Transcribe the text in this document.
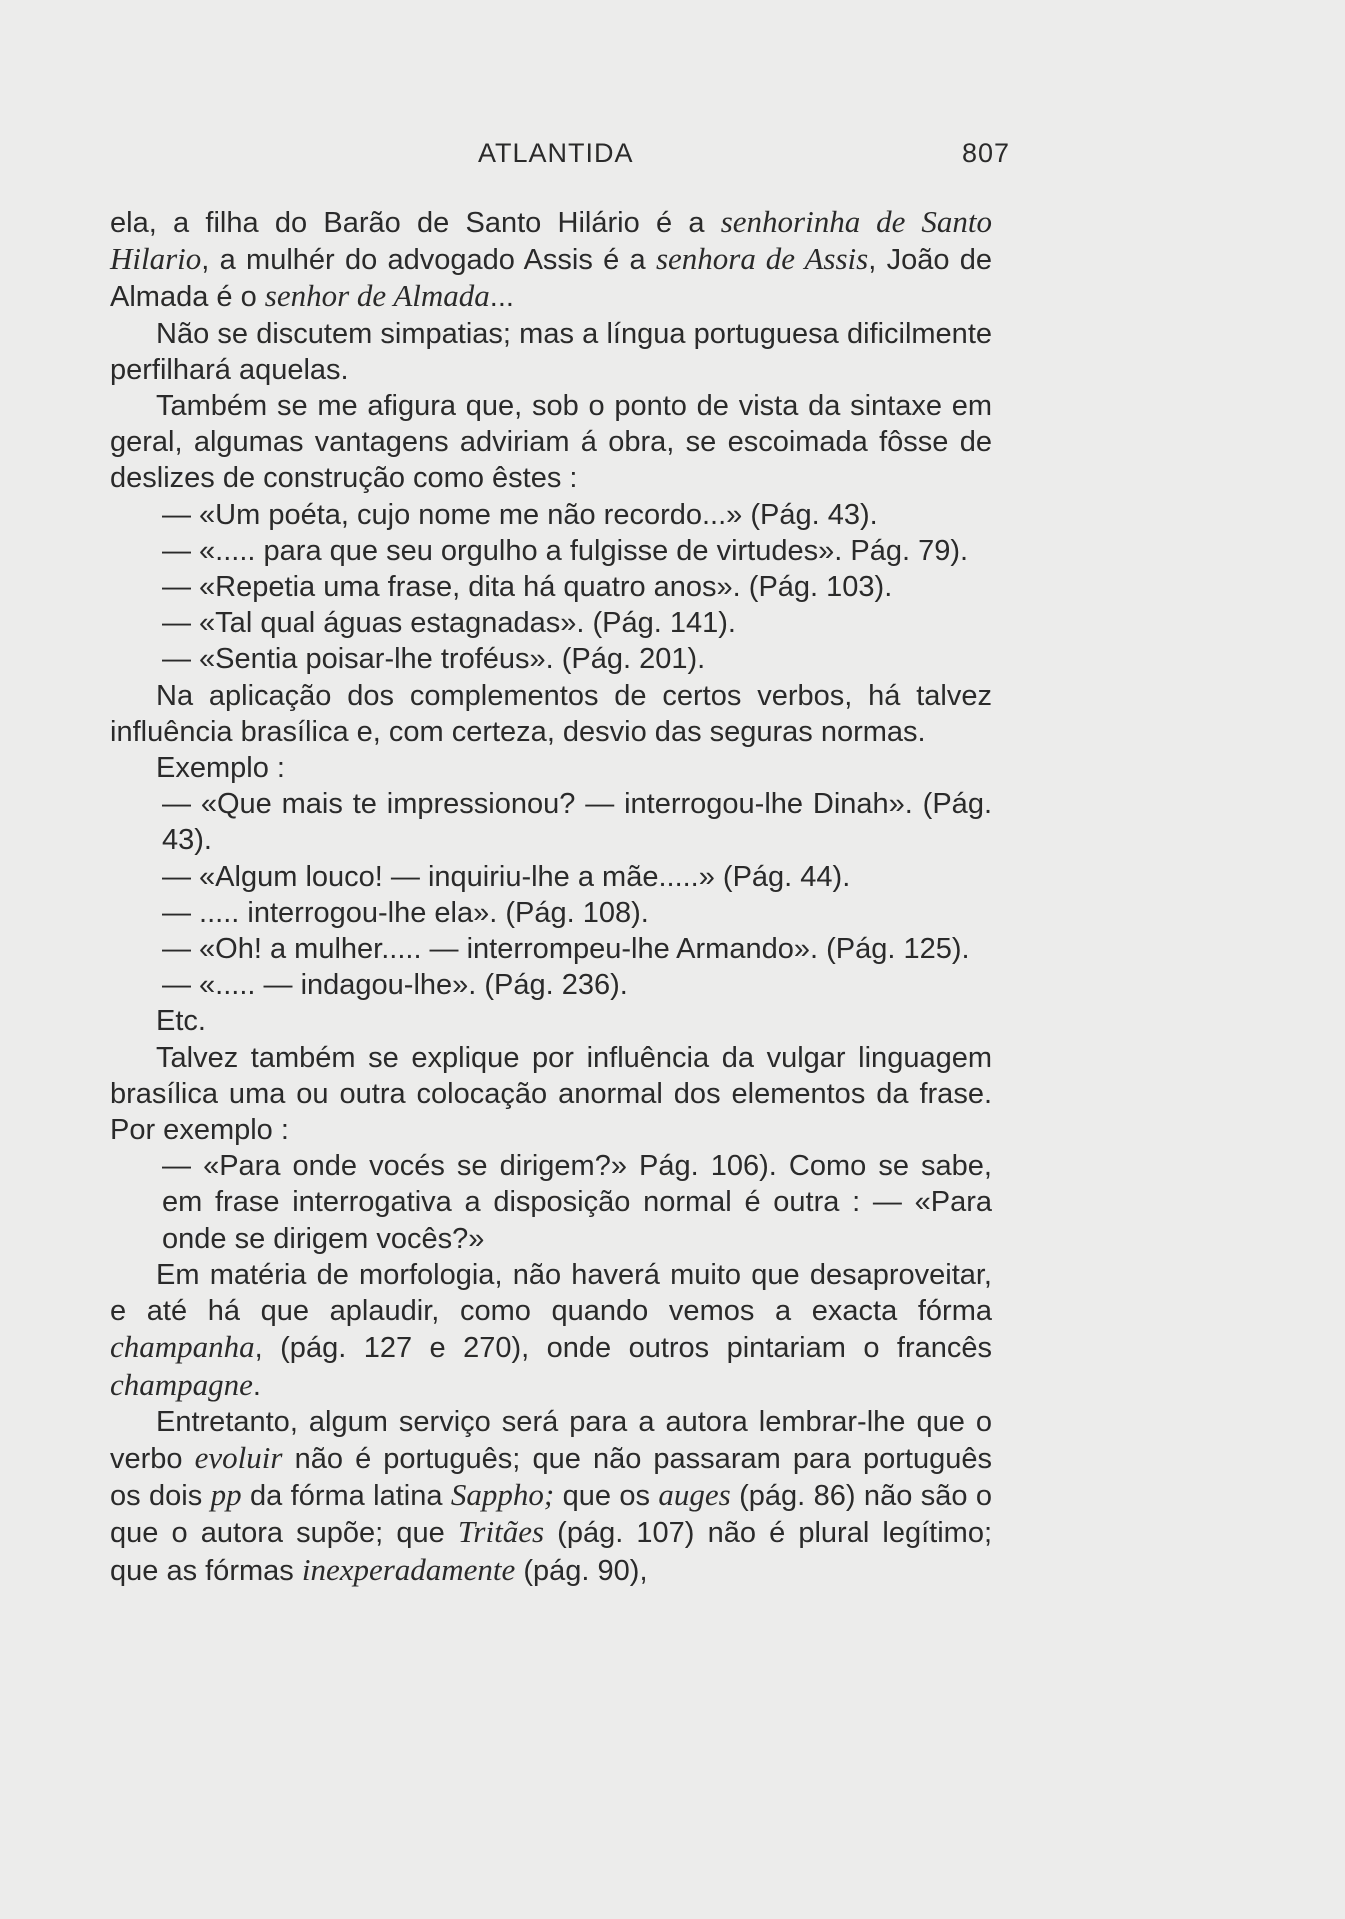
ATLANTIDA	807

ela, a filha do Barão de Santo Hilário é a senhorinha de Santo Hilario, a mulhér do advogado Assis é a senhora de Assis, João de Almada é o senhor de Almada...

Não se discutem simpatias; mas a língua portuguesa dificilmente perfilhará aquelas.

Também se me afigura que, sob o ponto de vista da sintaxe em geral, algumas vantagens adviriam á obra, se escoimada fôsse de deslizes de construção como êstes :

— «Um poéta, cujo nome me não recordo...» (Pág. 43).

— «..... para que seu orgulho a fulgisse de virtudes». Pág. 79).

— «Repetia uma frase, dita há quatro anos». (Pág. 103).

— «Tal qual águas estagnadas». (Pág. 141).

— «Sentia poisar-lhe troféus». (Pág. 201).

Na aplicação dos complementos de certos verbos, há talvez influência brasílica e, com certeza, desvio das seguras normas.

Exemplo :

— «Que mais te impressionou? — interrogou-lhe Dinah». (Pág. 43).

— «Algum louco! — inquiriu-lhe a mãe.....» (Pág. 44).

— ..... interrogou-lhe ela». (Pág. 108).

— «Oh! a mulher..... — interrompeu-lhe Armando». (Pág. 125).

— «..... — indagou-lhe». (Pág. 236).

Etc.

Talvez também se explique por influência da vulgar linguagem brasílica uma ou outra colocação anormal dos elementos da frase. Por exemplo :

— «Para onde vocés se dirigem?» Pág. 106). Como se sabe, em frase interrogativa a disposição normal é outra : — «Para onde se dirigem vocês?»

Em matéria de morfologia, não haverá muito que desaproveitar, e até há que aplaudir, como quando vemos a exacta fórma champanha, (pág. 127 e 270), onde outros pintariam o francês champagne.

Entretanto, algum serviço será para a autora lembrar-lhe que o verbo evoluir não é português; que não passaram para português os dois pp da fórma latina Sappho; que os auges (pág. 86) não são o que o autora supõe; que Tritães (pág. 107) não é plural legítimo; que as fórmas inexperadamente (pág. 90),
